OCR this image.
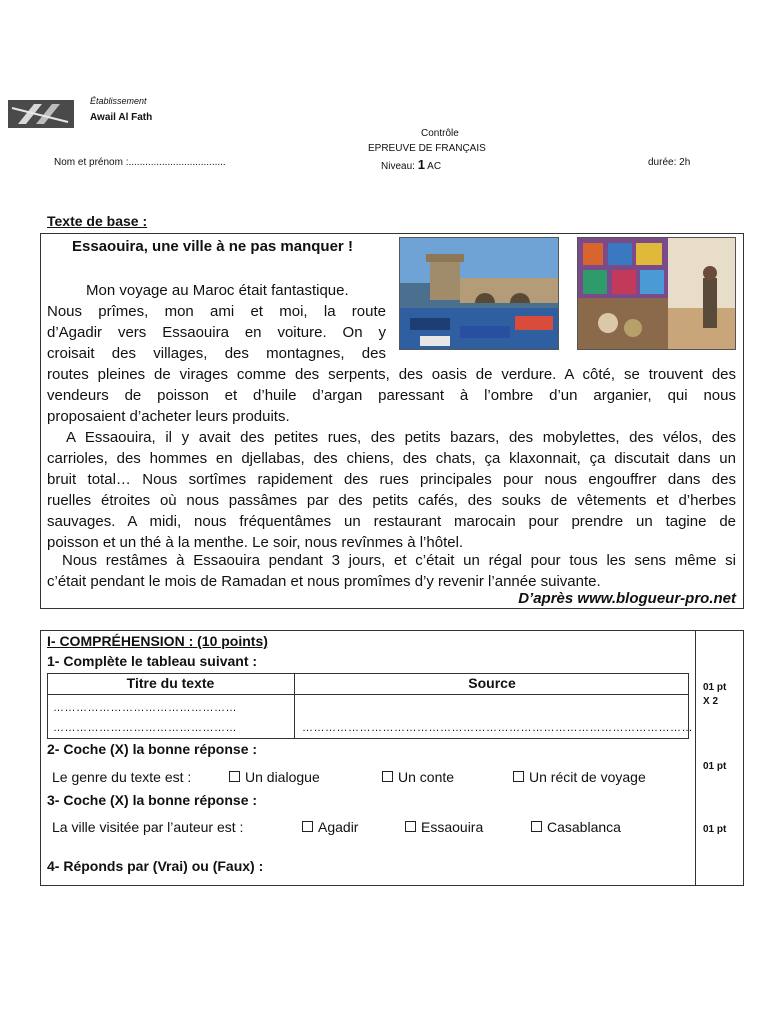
Établissement
Awail Al Fath
Contrôle
EPREUVE DE FRANÇAIS
Nom et prénom :...................................	Niveau: 1 AC	durée: 2h
Texte de base :
Essaouira, une ville à ne pas manquer !
Mon voyage au Maroc était fantastique.
Nous prîmes, mon ami et moi, la route
d’Agadir vers Essaouira en voiture. On y
croisait des villages, des montagnes, des
routes pleines de virages comme des serpents, des oasis de verdure. A côté, se trouvent des
vendeurs de poisson et d’huile d’argan paressant à l’ombre d’un arganier, qui nous
proposaient d’acheter leurs produits.
A Essaouira, il y avait des petites rues, des petits bazars, des mobylettes, des vélos, des
carrioles, des hommes en djellabas, des chiens, des chats, ça klaxonnait, ça discutait dans un
bruit total… Nous sortîmes rapidement des rues principales pour nous engouffrer dans des
ruelles étroites où nous passâmes par des petits cafés, des souks de vêtements et d’herbes
sauvages. A midi, nous fréquentâmes un restaurant marocain pour prendre un tagine de
poisson et un thé à la menthe. Le soir, nous revînmes à l’hôtel.
Nous restâmes à Essaouira pendant 3 jours, et c’était un régal pour tous les sens même si
c’était pendant le mois de Ramadan et nous promîmes d’y revenir l’année suivante.
D’après www.blogueur-pro.net
I- COMPRÉHENSION : (10 points)
1- Complète le tableau suivant :
Titre du texte	Source
…………………………………………
…………………………………………	…………………………………………………………………………………………
2- Coche (X) la bonne réponse :
Le genre du texte est :	Un dialogue	Un conte	Un récit de voyage
3- Coche (X) la bonne réponse :
La ville visitée par l’auteur est :	Agadir	Essaouira	Casablanca
4- Réponds par (Vrai) ou (Faux) :
01 pt
X 2
01 pt
01 pt
